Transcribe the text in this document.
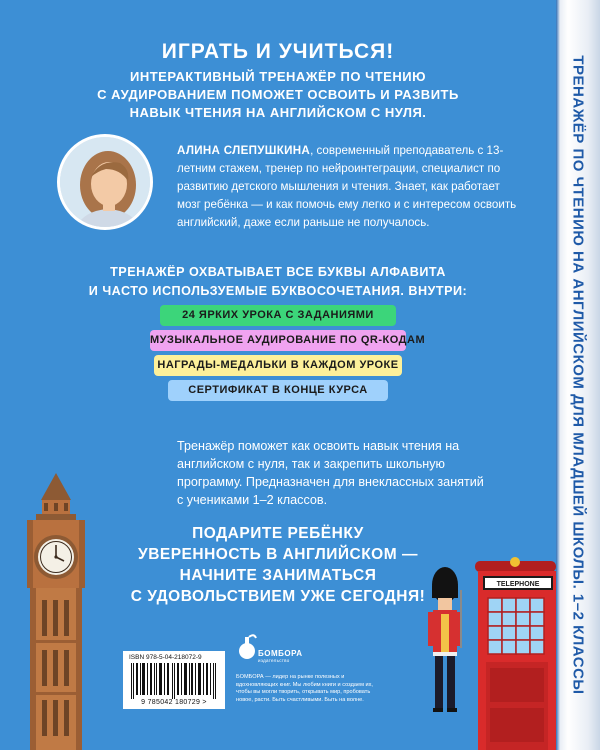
TELEPHONE
ИГРАТЬ И УЧИТЬСЯ!
ИНТЕРАКТИВНЫЙ ТРЕНАЖЁР ПО ЧТЕНИЮ
С АУДИРОВАНИЕМ ПОМОЖЕТ ОСВОИТЬ И РАЗВИТЬ
НАВЫК ЧТЕНИЯ НА АНГЛИЙСКОМ С НУЛЯ.
АЛИНА СЛЕПУШКИНА, современный преподаватель с 13-летним стажем, тренер по нейроинтеграции, специалист по развитию детского мышления и чтения. Знает, как работает мозг ребёнка — и как помочь ему легко и с интересом освоить английский, даже если раньше не получалось.
ТРЕНАЖЁР ОХВАТЫВАЕТ ВСЕ БУКВЫ АЛФАВИТА
И ЧАСТО ИСПОЛЬЗУЕМЫЕ БУКВОСОЧЕТАНИЯ. ВНУТРИ:
24 ЯРКИХ УРОКА С ЗАДАНИЯМИ
МУЗЫКАЛЬНОЕ АУДИРОВАНИЕ ПО QR-КОДАМ
НАГРАДЫ-МЕДАЛЬКИ В КАЖДОМ УРОКЕ
СЕРТИФИКАТ В КОНЦЕ КУРСА
Тренажёр поможет как освоить навык чтения на английском с нуля, так и закрепить школьную программу. Предназначен для внеклассных занятий с учениками 1–2 классов.
ПОДАРИТЕ РЕБЁНКУ
УВЕРЕННОСТЬ В АНГЛИЙСКОМ —
НАЧНИТЕ ЗАНИМАТЬСЯ
С УДОВОЛЬСТВИЕМ УЖЕ СЕГОДНЯ!
ISBN 978-5-04-218072-9
9 785042 180729 >
БОМБОРА
издательство
БОМБОРА — лидер на рынке полезных и вдохновляющих книг. Мы любим книги и создаем их, чтобы вы могли творить, открывать мир, пробовать новое, расти. Быть счастливыми. Быть на волне.
ТРЕНАЖЁР ПО ЧТЕНИЮ НА АНГЛИЙСКОМ ДЛЯ МЛАДШЕЙ ШКОЛЫ. 1–2 КЛАССЫ
